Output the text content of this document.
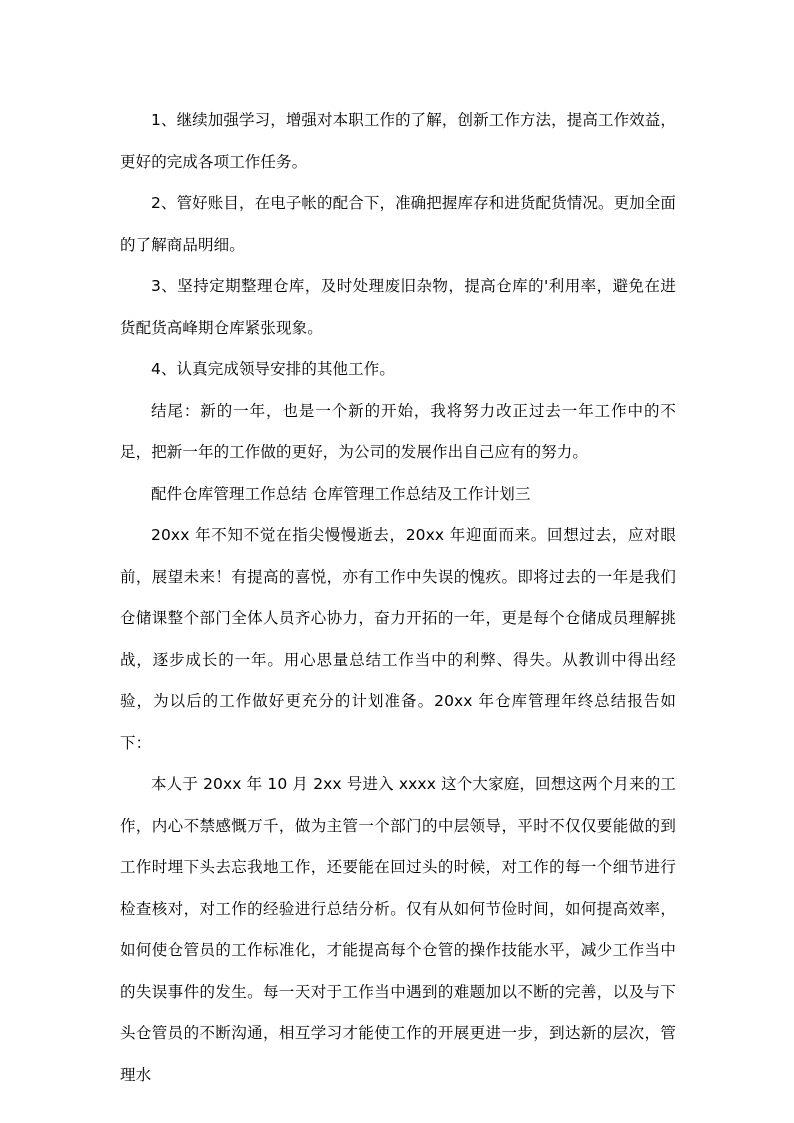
1、继续加强学习，增强对本职工作的了解，创新工作方法，提高工作效益，更好的完成各项工作任务。

2、管好账目，在电子帐的配合下，准确把握库存和进货配货情况。更加全面的了解商品明细。

3、坚持定期整理仓库，及时处理废旧杂物，提高仓库的'利用率，避免在进货配货高峰期仓库紧张现象。

4、认真完成领导安排的其他工作。

结尾：新的一年，也是一个新的开始，我将努力改正过去一年工作中的不足，把新一年的工作做的更好，为公司的发展作出自己应有的努力。

配件仓库管理工作总结 仓库管理工作总结及工作计划三

20xx 年不知不觉在指尖慢慢逝去，20xx 年迎面而来。回想过去，应对眼前，展望未来！有提高的喜悦，亦有工作中失误的愧疚。即将过去的一年是我们仓储课整个部门全体人员齐心协力，奋力开拓的一年，更是每个仓储成员理解挑战，逐步成长的一年。用心思量总结工作当中的利弊、得失。从教训中得出经验，为以后的工作做好更充分的计划准备。20xx 年仓库管理年终总结报告如下：

本人于 20xx 年 10 月 2xx 号进入 xxxx 这个大家庭，回想这两个月来的工作，内心不禁感慨万千，做为主管一个部门的中层领导，平时不仅仅要能做的到工作时埋下头去忘我地工作，还要能在回过头的时候，对工作的每一个细节进行检查核对，对工作的经验进行总结分析。仅有从如何节俭时间，如何提高效率，如何使仓管员的工作标准化，才能提高每个仓管的操作技能水平，减少工作当中的失误事件的发生。每一天对于工作当中遇到的难题加以不断的完善，以及与下头仓管员的不断沟通，相互学习才能使工作的开展更进一步，到达新的层次，管理水
